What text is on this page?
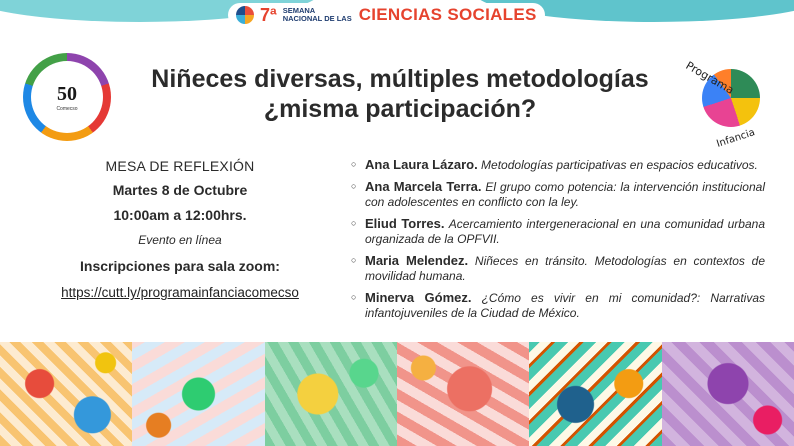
7ª SEMANA NACIONAL DE LAS CIENCIAS SOCIALES
50
Comecso
Niñeces diversas, múltiples metodologías
¿misma participación?
Programa
Infancia
MESA DE REFLEXIÓN
Martes 8 de Octubre
10:00am a 12:00hrs.
Evento en línea
Inscripciones para sala zoom:
https://cutt.ly/programainfanciacomecso
○ Ana Laura Lázaro. Metodologías participativas en espacios educativos.
○ Ana Marcela Terra. El grupo como potencia: la intervención institucional con adolescentes en conflicto con la ley.
○ Eliud Torres. Acercamiento intergeneracional en una comunidad urbana organizada de la OPFVII.
○ Maria Melendez. Niñeces en tránsito. Metodologías en contextos de movilidad humana.
○ Minerva Gómez. ¿Cómo es vivir en mi comunidad?: Narrativas infantojuveniles de la Ciudad de México.
